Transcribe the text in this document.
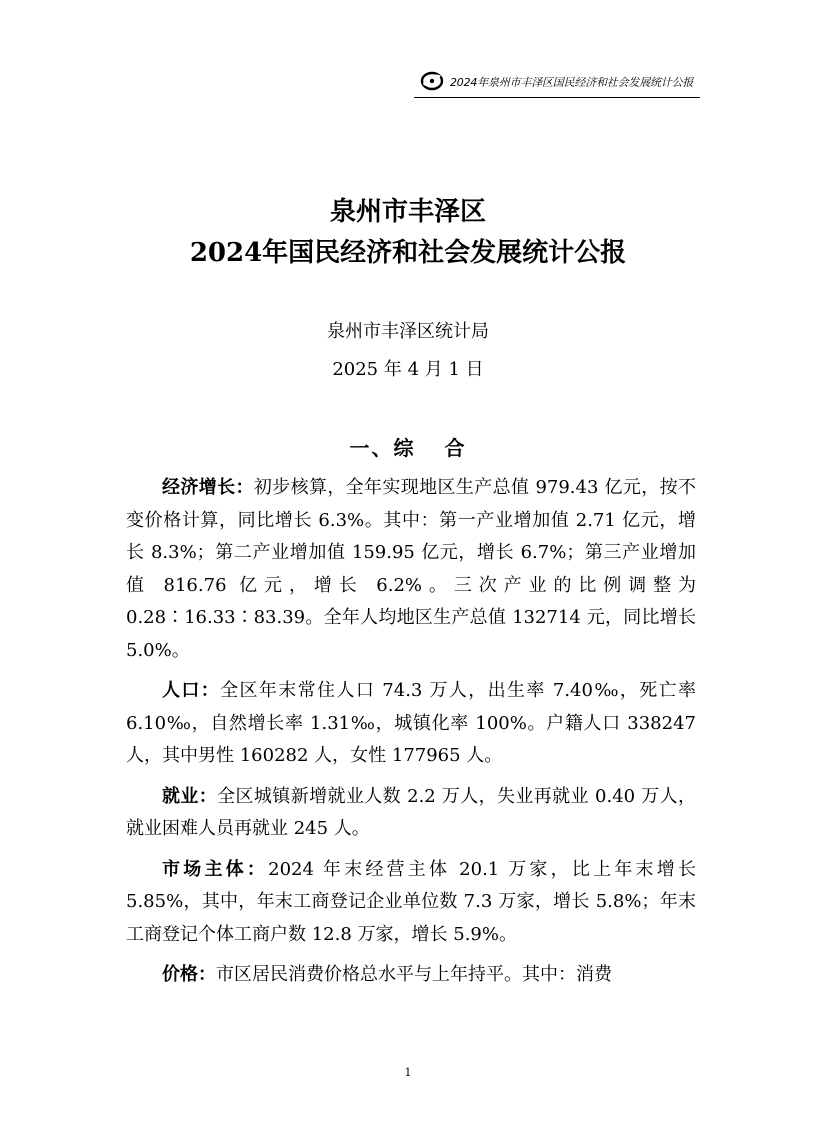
2024年泉州市丰泽区国民经济和社会发展统计公报
泉州市丰泽区
2024年国民经济和社会发展统计公报
泉州市丰泽区统计局
2025 年 4 月 1 日
一、综 合

经济增长：初步核算，全年实现地区生产总值 979.43 亿元，按不变价格计算，同比增长 6.3%。其中：第一产业增加值 2.71 亿元，增长 8.3%；第二产业增加值 159.95 亿元，增长 6.7%；第三产业增加值 816.76 亿元，增长 6.2%。三次产业的比例调整为 0.28∶16.33∶83.39。全年人均地区生产总值 132714 元，同比增长 5.0%。

人口：全区年末常住人口 74.3 万人，出生率 7.40‰，死亡率 6.10‰，自然增长率 1.31‰，城镇化率 100%。户籍人口 338247 人，其中男性 160282 人，女性 177965 人。

就业：全区城镇新增就业人数 2.2 万人，失业再就业 0.40 万人，就业困难人员再就业 245 人。

市场主体：2024 年末经营主体 20.1 万家，比上年末增长 5.85%，其中，年末工商登记企业单位数 7.3 万家，增长 5.8%；年末工商登记个体工商户数 12.8 万家，增长 5.9%。

价格：市区居民消费价格总水平与上年持平。其中：消费

1
